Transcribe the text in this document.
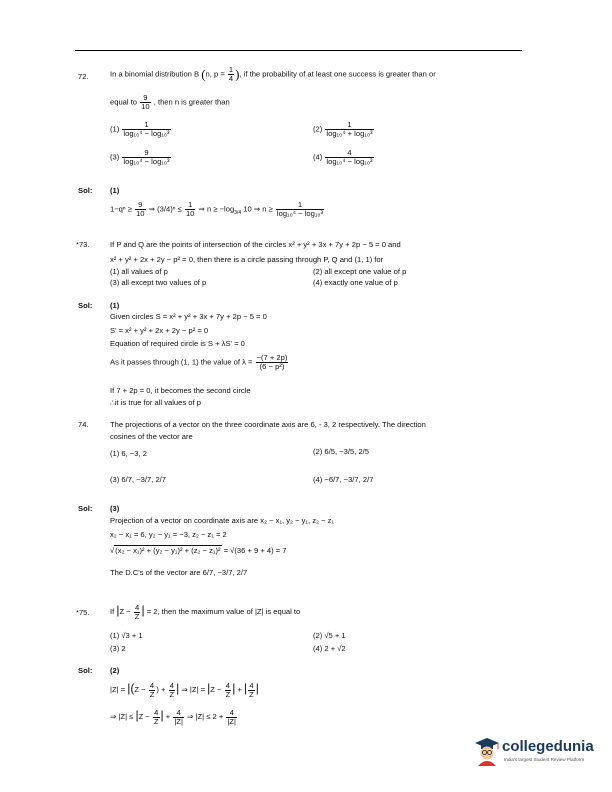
72.	In a binomial distribution B (n, $p = \frac{1}{4}$ ), if the probability of at least one success is greater than or
equal to $\frac{9}{10}$ , then n is greater than
$(1) \frac{1}{\text{log₁₀⁴ − log₁₀³}}$	$(2) \frac{1}{\text{log₁₀⁴ + log₁₀³}}$
$(3) \frac{9}{\text{log₁₀⁴ − log₁₀³}}$	$(4) \frac{4}{\text{log₁₀⁴ − log₁₀³}}$
Sol: (1)
$1-q^n \ge \frac{9}{10}$ ⇒ $(3/4)^n \le \frac{1}{10}$ ⇒ $n \ge -\log_{3/4}$ 10 ⇒ $n \ge \frac{1}{\text{log₁₀⁴ − log₁₀³}}$
*73.	If P and Q are the points of intersection of the circles x² + y² + 3x + 7y + 2p − 5 = 0 and
x² + y² + 2x + 2y − p² = 0, then there is a circle passing through P, Q and (1, 1) for
(1) all values of p	(2) all except one value of p
(3) all except two values of p	(4) exactly one value of p
Sol: (1)
Given circles S = x² + y² + 3x + 7y + 2p − 5 = 0
S' = x² + y² + 2x + 2y − p² = 0
Equation of required circle is S + λS' = 0
As it passes through (1, 1) the value of $\lambda = \frac{-(7 + 2p)}{\text{(6 − p²)}}$
If 7 + 2p = 0, it becomes the second circle
∴it is true for all values of p
74.	The projections of a vector on the three coordinate axis are 6, - 3, 2 respectively. The direction
cosines of the vector are
(1) 6, −3, 2	(2) 6/5, −3/5, 2/5
(3) 6/7, −3/7, 2/7	(4) −6/7, −3/7, 2/7
Sol: (3)
Projection of a vector on coordinate axis are x₂ − x₁, y₂ − y₁, z₂ − z₁
x₂ − x₁ = 6, y₂ − y₁ = −3, z₂ − z₁ = 2
√(x₂ − x₁)² + (y₂ − y₁)² + (z₂ − z₁)² = √(36 + 9 + 4) = 7
The D.C's of the vector are 6/7, −3/7, 2/7
*75.	If $|Z - \frac{4}{Z}$ | = 2, then the maximum value of |Z| is equal to
(1) √3 + 1	(2) √5 + 1
(3) 2	(4) 2 + √2
Sol: (2)
$|Z| = |(Z - \frac{4}{Z}$ ) + $\frac{4}{Z}$ | ⇒ $|Z| = |Z - \frac{4}{Z}$ | + | $\frac{4}{Z}$ |
⇒ $|Z| \le |Z - \frac{4}{Z}$ | + $\frac{4}{|Z|}$ ⇒ $|Z| \le 2 + \frac{4}{|Z|}$
collegedunia
India's largest Student Review Platform
